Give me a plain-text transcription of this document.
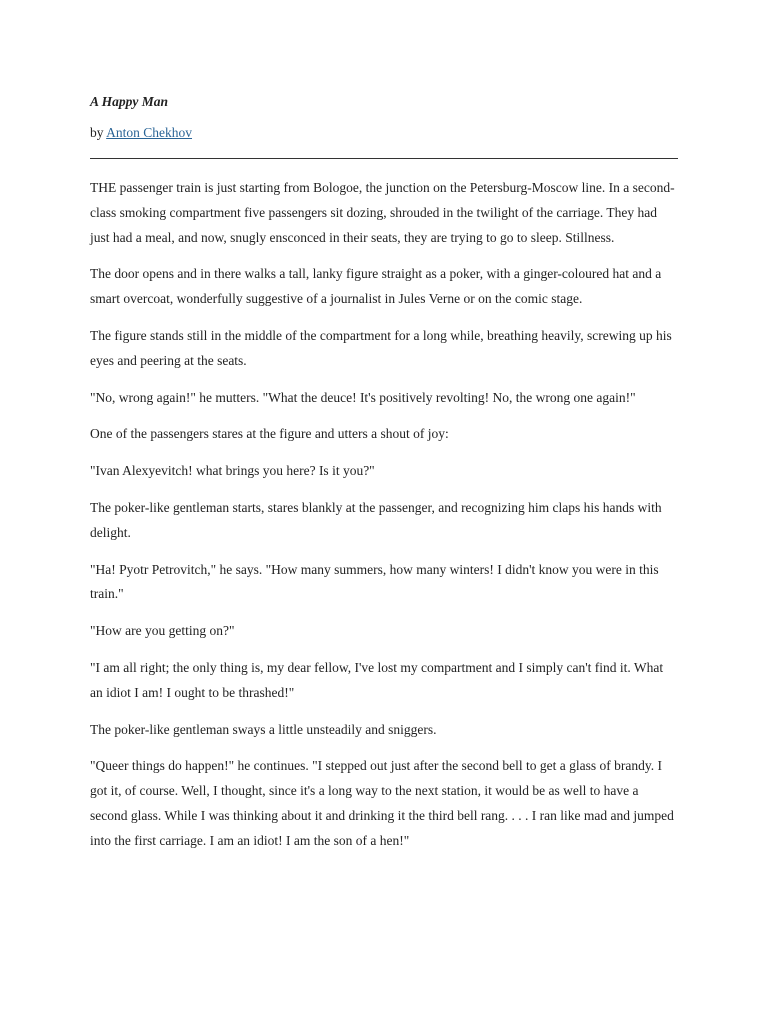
A Happy Man

by Anton Chekhov

THE passenger train is just starting from Bologoe, the junction on the Petersburg-Moscow line. In a second-class smoking compartment five passengers sit dozing, shrouded in the twilight of the carriage. They had just had a meal, and now, snugly ensconced in their seats, they are trying to go to sleep. Stillness.

The door opens and in there walks a tall, lanky figure straight as a poker, with a ginger-coloured hat and a smart overcoat, wonderfully suggestive of a journalist in Jules Verne or on the comic stage.

The figure stands still in the middle of the compartment for a long while, breathing heavily, screwing up his eyes and peering at the seats.

"No, wrong again!" he mutters. "What the deuce! It's positively revolting! No, the wrong one again!"

One of the passengers stares at the figure and utters a shout of joy:

"Ivan Alexyevitch! what brings you here? Is it you?"

The poker-like gentleman starts, stares blankly at the passenger, and recognizing him claps his hands with delight.

"Ha! Pyotr Petrovitch," he says. "How many summers, how many winters! I didn't know you were in this train."

"How are you getting on?"

"I am all right; the only thing is, my dear fellow, I've lost my compartment and I simply can't find it. What an idiot I am! I ought to be thrashed!"

The poker-like gentleman sways a little unsteadily and sniggers.

"Queer things do happen!" he continues. "I stepped out just after the second bell to get a glass of brandy. I got it, of course. Well, I thought, since it's a long way to the next station, it would be as well to have a second glass. While I was thinking about it and drinking it the third bell rang. . . . I ran like mad and jumped into the first carriage. I am an idiot! I am the son of a hen!"
